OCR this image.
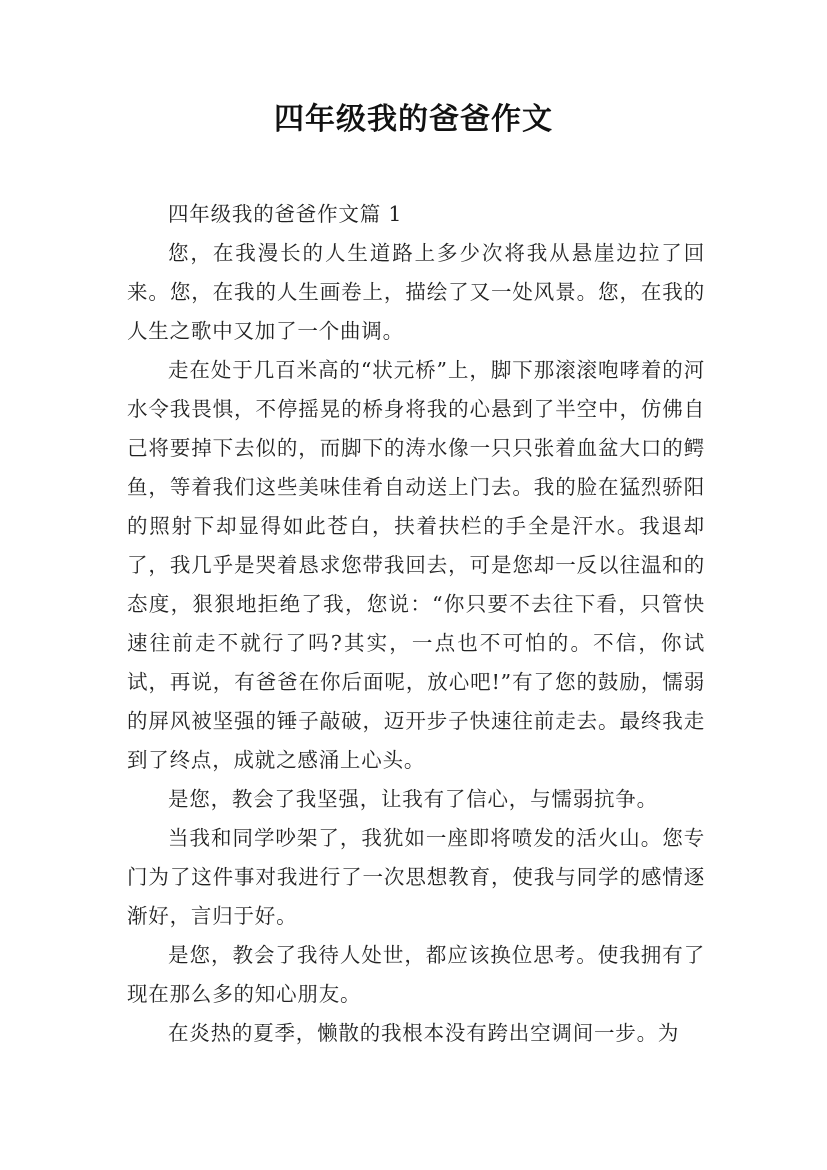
四年级我的爸爸作文

四年级我的爸爸作文篇 1

您，在我漫长的人生道路上多少次将我从悬崖边拉了回来。您，在我的人生画卷上，描绘了又一处风景。您，在我的人生之歌中又加了一个曲调。

走在处于几百米高的“状元桥”上，脚下那滚滚咆哮着的河水令我畏惧，不停摇晃的桥身将我的心悬到了半空中，仿佛自己将要掉下去似的，而脚下的涛水像一只只张着血盆大口的鳄鱼，等着我们这些美味佳肴自动送上门去。我的脸在猛烈骄阳的照射下却显得如此苍白，扶着扶栏的手全是汗水。我退却了，我几乎是哭着恳求您带我回去，可是您却一反以往温和的态度，狠狠地拒绝了我，您说：“你只要不去往下看，只管快速往前走不就行了吗?其实，一点也不可怕的。不信，你试试，再说，有爸爸在你后面呢，放心吧!”有了您的鼓励，懦弱的屏风被坚强的锤子敲破，迈开步子快速往前走去。最终我走到了终点，成就之感涌上心头。

是您，教会了我坚强，让我有了信心，与懦弱抗争。

当我和同学吵架了，我犹如一座即将喷发的活火山。您专门为了这件事对我进行了一次思想教育，使我与同学的感情逐渐好，言归于好。

是您，教会了我待人处世，都应该换位思考。使我拥有了现在那么多的知心朋友。

在炎热的夏季，懒散的我根本没有跨出空调间一步。为
